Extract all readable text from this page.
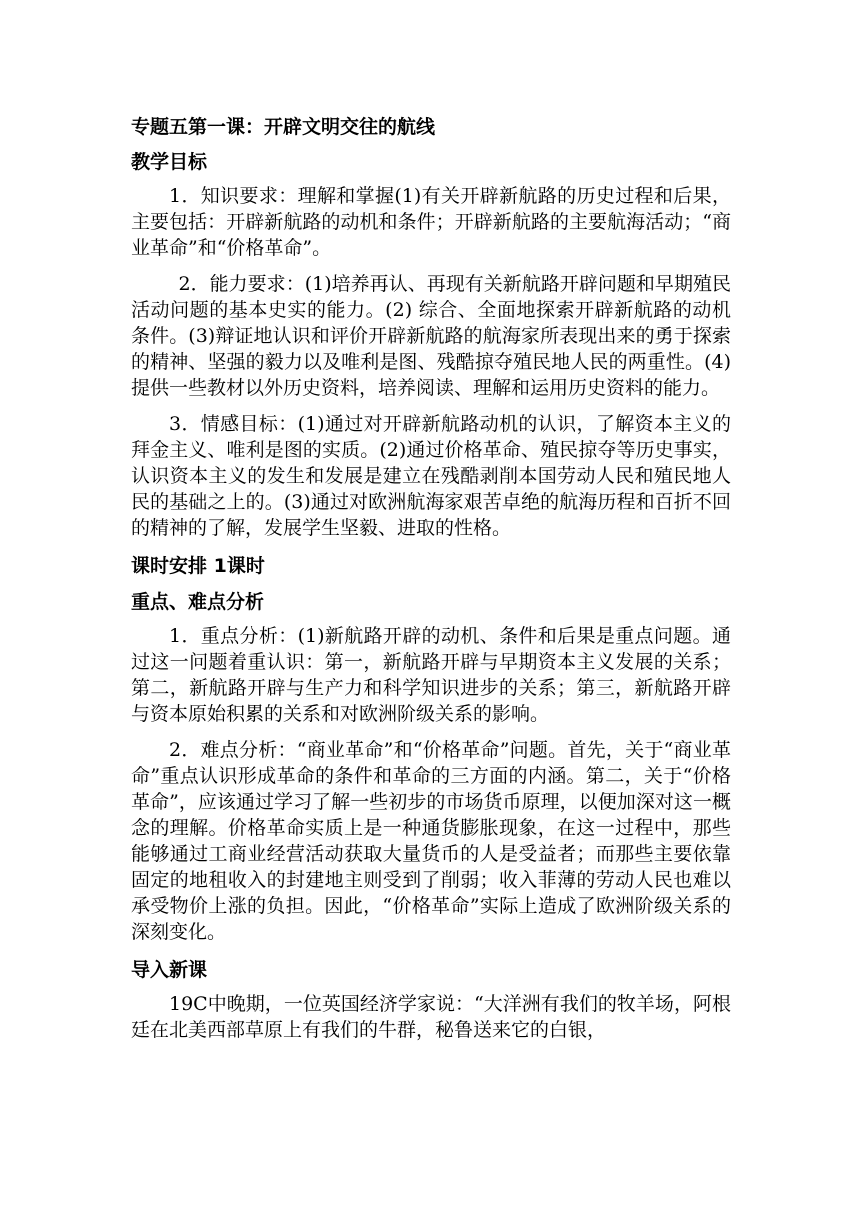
专题五第一课：开辟文明交往的航线
教学目标

1．知识要求：理解和掌握(1)有关开辟新航路的历史过程和后果，主要包括：开辟新航路的动机和条件；开辟新航路的主要航海活动；“商业革命”和“价格革命”。

2．能力要求：(1)培养再认、再现有关新航路开辟问题和早期殖民活动问题的基本史实的能力。(2) 综合、全面地探索开辟新航路的动机条件。(3)辩证地认识和评价开辟新航路的航海家所表现出来的勇于探索的精神、坚强的毅力以及唯利是图、残酷掠夺殖民地人民的两重性。(4)提供一些教材以外历史资料，培养阅读、理解和运用历史资料的能力。

3．情感目标：(1)通过对开辟新航路动机的认识，了解资本主义的拜金主义、唯利是图的实质。(2)通过价格革命、殖民掠夺等历史事实，认识资本主义的发生和发展是建立在残酷剥削本国劳动人民和殖民地人民的基础之上的。(3)通过对欧洲航海家艰苦卓绝的航海历程和百折不回的精神的了解，发展学生坚毅、进取的性格。

课时安排 1课时
重点、难点分析

1．重点分析：(1)新航路开辟的动机、条件和后果是重点问题。通过这一问题着重认识：第一，新航路开辟与早期资本主义发展的关系；第二，新航路开辟与生产力和科学知识进步的关系；第三，新航路开辟与资本原始积累的关系和对欧洲阶级关系的影响。

2．难点分析：“商业革命”和“价格革命”问题。首先，关于“商业革命”重点认识形成革命的条件和革命的三方面的内涵。第二，关于“价格革命”，应该通过学习了解一些初步的市场货币原理，以便加深对这一概念的理解。价格革命实质上是一种通货膨胀现象，在这一过程中，那些能够通过工商业经营活动获取大量货币的人是受益者；而那些主要依靠固定的地租收入的封建地主则受到了削弱；收入菲薄的劳动人民也难以承受物价上涨的负担。因此，“价格革命”实际上造成了欧洲阶级关系的深刻变化。

导入新课

19C中晚期，一位英国经济学家说：“大洋洲有我们的牧羊场，阿根廷在北美西部草原上有我们的牛群，秘鲁送来它的白银，
